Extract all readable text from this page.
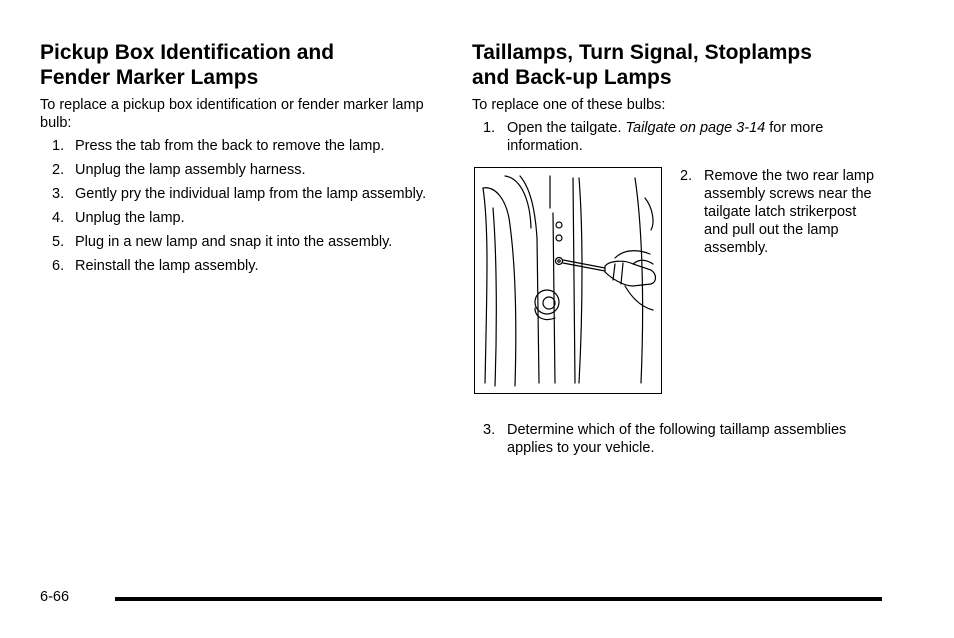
Pickup Box Identification and
Fender Marker Lamps

To replace a pickup box identification or fender marker lamp bulb:

1. Press the tab from the back to remove the lamp.
2. Unplug the lamp assembly harness.
3. Gently pry the individual lamp from the lamp assembly.
4. Unplug the lamp.
5. Plug in a new lamp and snap it into the assembly.
6. Reinstall the lamp assembly.
Taillamps, Turn Signal, Stoplamps
and Back-up Lamps

To replace one of these bulbs:

1. Open the tailgate. Tailgate on page 3-14 for more information.
2. Remove the two rear lamp assembly screws near the tailgate latch strikerpost and pull out the lamp assembly.
3. Determine which of the following taillamp assemblies applies to your vehicle.
6-66
